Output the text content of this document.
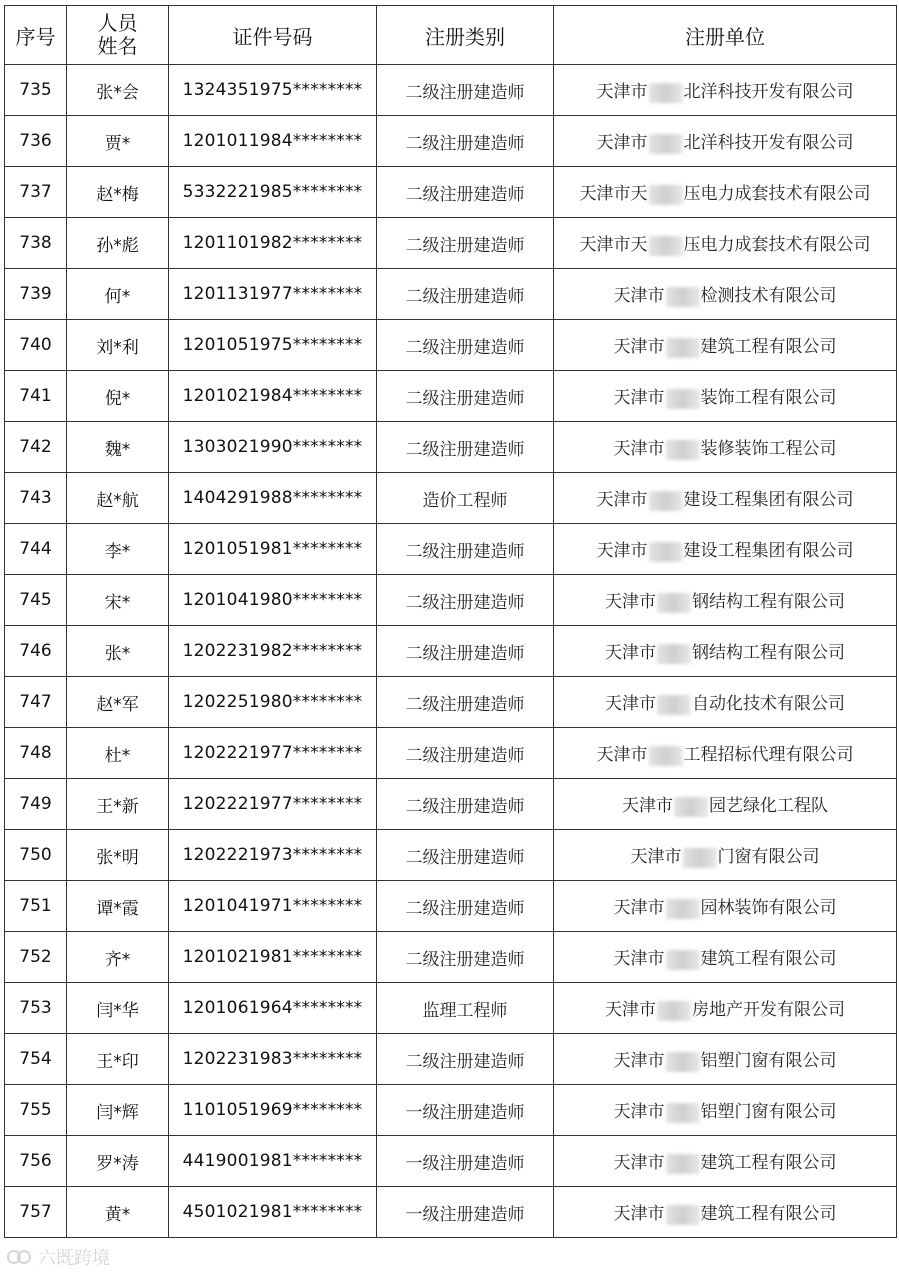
序号	人员姓名	证件号码	注册类别	注册单位
735	张*会	1324351975********	二级注册建造师	天津市 北洋科技开发有限公司
736	贾*	1201011984********	二级注册建造师	天津市 北洋科技开发有限公司
737	赵*梅	5332221985********	二级注册建造师	天津市天 压电力成套技术有限公司
738	孙*彪	1201101982********	二级注册建造师	天津市天 压电力成套技术有限公司
739	何*	1201131977********	二级注册建造师	天津市 检测技术有限公司
740	刘*利	1201051975********	二级注册建造师	天津市 建筑工程有限公司
741	倪*	1201021984********	二级注册建造师	天津市 装饰工程有限公司
742	魏*	1303021990********	二级注册建造师	天津市 装修装饰工程公司
743	赵*航	1404291988********	造价工程师	天津市 建设工程集团有限公司
744	李*	1201051981********	二级注册建造师	天津市 建设工程集团有限公司
745	宋*	1201041980********	二级注册建造师	天津市 钢结构工程有限公司
746	张*	1202231982********	二级注册建造师	天津市 钢结构工程有限公司
747	赵*军	1202251980********	二级注册建造师	天津市 自动化技术有限公司
748	杜*	1202221977********	二级注册建造师	天津市 工程招标代理有限公司
749	王*新	1202221977********	二级注册建造师	天津市 园艺绿化工程队
750	张*明	1202221973********	二级注册建造师	天津市 门窗有限公司
751	谭*霞	1201041971********	二级注册建造师	天津市 园林装饰有限公司
752	齐*	1201021981********	二级注册建造师	天津市 建筑工程有限公司
753	闫*华	1201061964********	监理工程师	天津市 房地产开发有限公司
754	王*印	1202231983********	二级注册建造师	天津市 铝塑门窗有限公司
755	闫*辉	1101051969********	一级注册建造师	天津市 铝塑门窗有限公司
756	罗*涛	4419001981********	一级注册建造师	天津市 建筑工程有限公司
757	黄*	4501021981********	一级注册建造师	天津市 建筑工程有限公司
六既跨境
